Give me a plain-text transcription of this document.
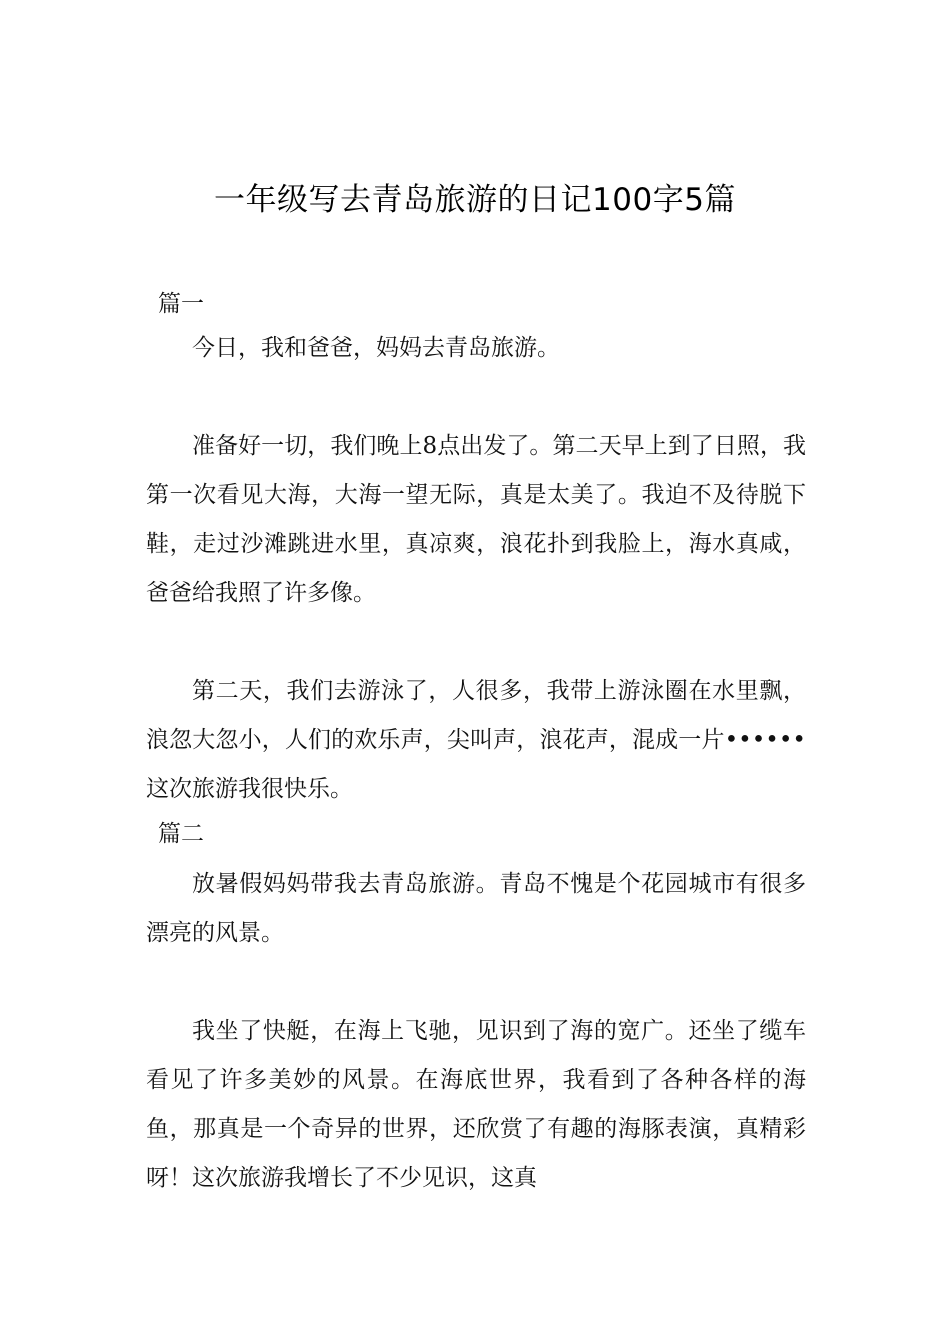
一年级写去青岛旅游的日记100字5篇

篇一

今日，我和爸爸，妈妈去青岛旅游。

准备好一切，我们晚上8点出发了。第二天早上到了日照，我第一次看见大海，大海一望无际，真是太美了。我迫不及待脱下鞋，走过沙滩跳进水里，真凉爽，浪花扑到我脸上，海水真咸，爸爸给我照了许多像。

第二天，我们去游泳了，人很多，我带上游泳圈在水里飘，浪忽大忽小，人们的欢乐声，尖叫声，浪花声，混成一片••••••这次旅游我很快乐。

篇二

放暑假妈妈带我去青岛旅游。青岛不愧是个花园城市有很多漂亮的风景。

我坐了快艇，在海上飞驰，见识到了海的宽广。还坐了缆车看见了许多美妙的风景。在海底世界，我看到了各种各样的海鱼，那真是一个奇异的世界，还欣赏了有趣的海豚表演，真精彩呀！这次旅游我增长了不少见识，这真
